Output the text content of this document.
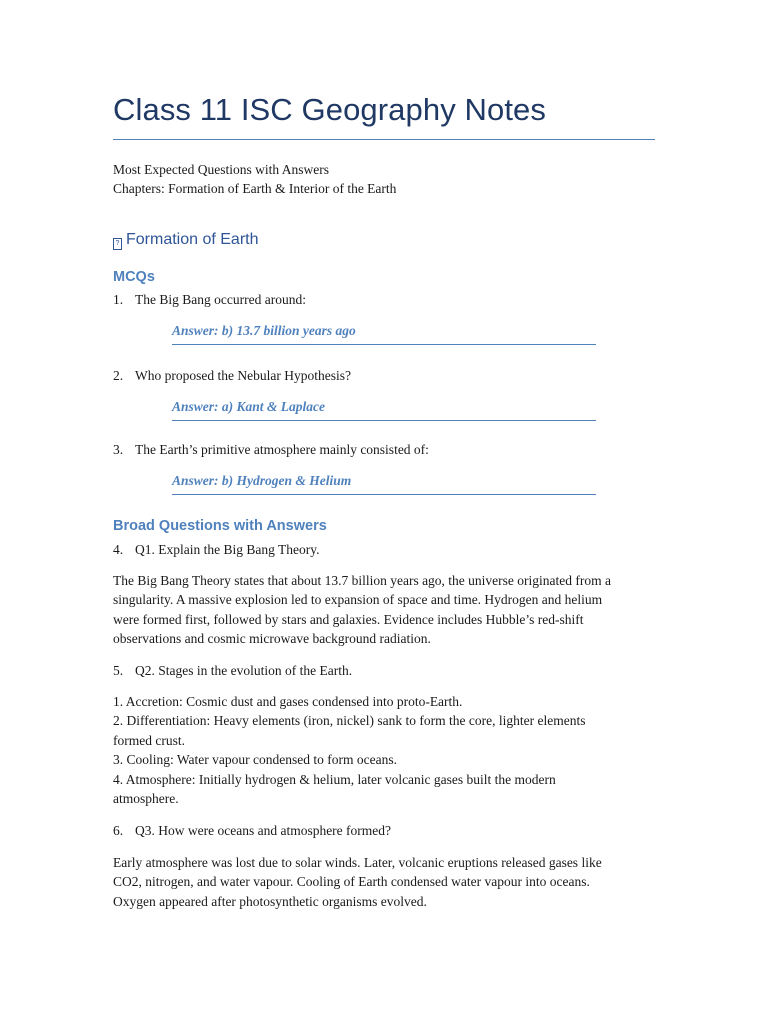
Class 11 ISC Geography Notes
Most Expected Questions with Answers
Chapters: Formation of Earth & Interior of the Earth
? Formation of Earth
MCQs
1. The Big Bang occurred around:
Answer: b) 13.7 billion years ago
2. Who proposed the Nebular Hypothesis?
Answer: a) Kant & Laplace
3. The Earth’s primitive atmosphere mainly consisted of:
Answer: b) Hydrogen & Helium
Broad Questions with Answers
4. Q1. Explain the Big Bang Theory.
The Big Bang Theory states that about 13.7 billion years ago, the universe originated from a
singularity. A massive explosion led to expansion of space and time. Hydrogen and helium
were formed first, followed by stars and galaxies. Evidence includes Hubble’s red-shift
observations and cosmic microwave background radiation.
5. Q2. Stages in the evolution of the Earth.
1. Accretion: Cosmic dust and gases condensed into proto-Earth.
2. Differentiation: Heavy elements (iron, nickel) sank to form the core, lighter elements
formed crust.
3. Cooling: Water vapour condensed to form oceans.
4. Atmosphere: Initially hydrogen & helium, later volcanic gases built the modern
atmosphere.
6. Q3. How were oceans and atmosphere formed?
Early atmosphere was lost due to solar winds. Later, volcanic eruptions released gases like
CO2, nitrogen, and water vapour. Cooling of Earth condensed water vapour into oceans.
Oxygen appeared after photosynthetic organisms evolved.
